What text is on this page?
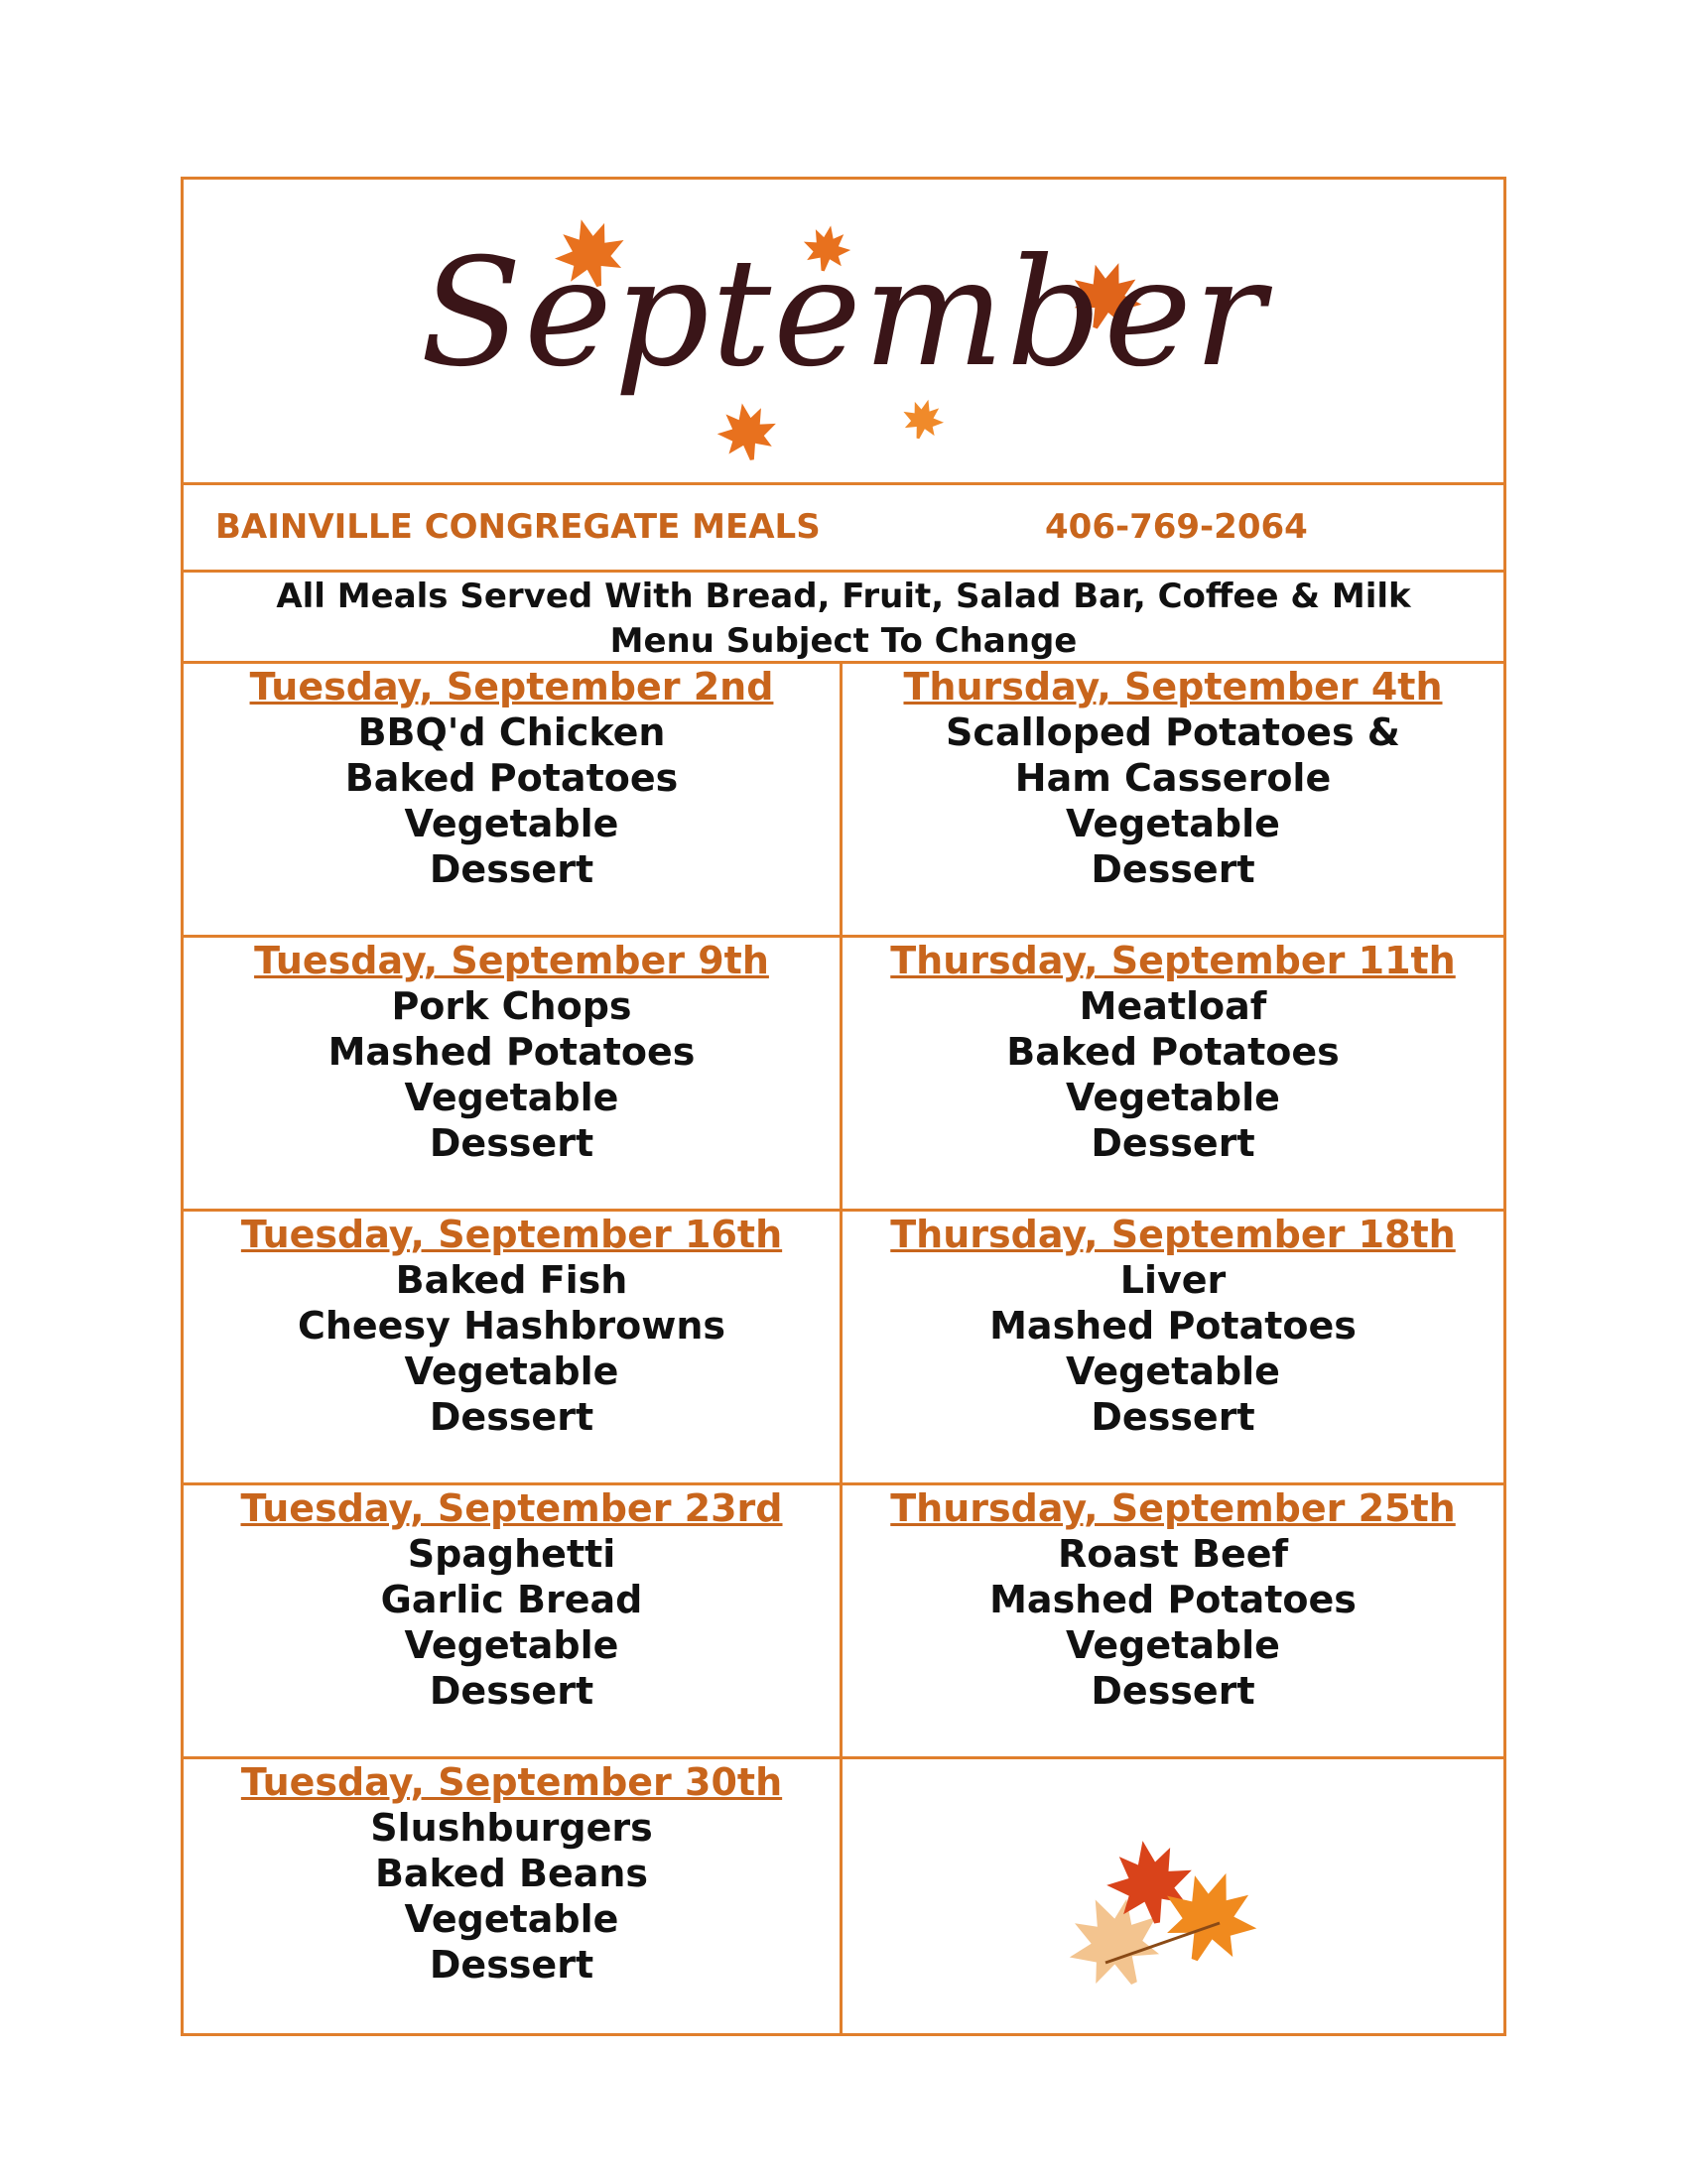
September
BAINVILLE CONGREGATE MEALS	406-769-2064
All Meals Served With Bread, Fruit, Salad Bar, Coffee & Milk
Menu Subject To Change
Tuesday, September 2nd
BBQ'd Chicken
Baked Potatoes
Vegetable
Dessert
Thursday, September 4th
Scalloped Potatoes &
Ham Casserole
Vegetable
Dessert
Tuesday, September 9th
Pork Chops
Mashed Potatoes
Vegetable
Dessert
Thursday, September 11th
Meatloaf
Baked Potatoes
Vegetable
Dessert
Tuesday, September 16th
Baked Fish
Cheesy Hashbrowns
Vegetable
Dessert
Thursday, September 18th
Liver
Mashed Potatoes
Vegetable
Dessert
Tuesday, September 23rd
Spaghetti
Garlic Bread
Vegetable
Dessert
Thursday, September 25th
Roast Beef
Mashed Potatoes
Vegetable
Dessert
Tuesday, September 30th
Slushburgers
Baked Beans
Vegetable
Dessert
